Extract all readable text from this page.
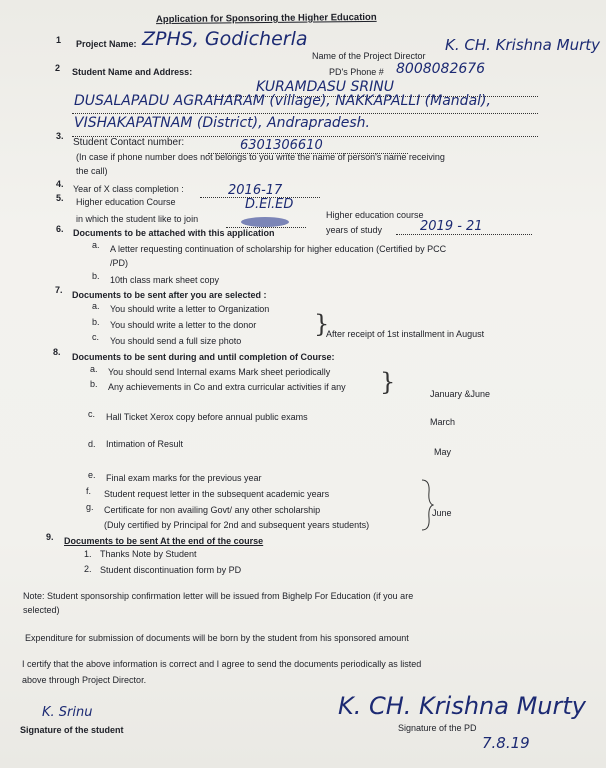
Application for Sponsoring the Higher Education
1 Project Name: ZPHS, Godicherla
Name of the Project Director
K. CH. Krishna Murty
PD's Phone # 8008082676
2 Student Name and Address:
KURAMDASU SRINU
DUSALAPADU AGRAHARAM (village), NAKKAPALLI (Mandal),
VISHAKAPATNAM (District), Andrapradesh.
3.
Student Contact number:	6301306610
(In case if phone number does not belongs to you write the name of person's name receiving
the call)
4. Year of X class completion :	2016-17
5. Higher education Course
in which the student like to join
D.El.ED
Higher education course
years of study	2019 - 21
6. Documents to be attached with this application
a. A letter requesting continuation of scholarship for higher education (Certified by PCC
/PD)
b. 10th class mark sheet copy
7. Documents to be sent after you are selected :
a. You should write a letter to Organization
b. You should write a letter to the donor
c. You should send a full size photo
}
After receipt of 1st installment in August
8. Documents to be sent during and until completion of Course:
a. You should send Internal exams Mark sheet periodically
b. Any achievements in Co and extra curricular activities if any }	January &June
c. Hall Ticket Xerox copy before annual public exams	March
d. Intimation of Result
May
e. Final exam marks for the previous year
f. Student request letter in the subsequent academic years
g. Certificate for non availing Govt/ any other scholarship
(Duly certified by Principal for 2nd and subsequent years students)
June
9. Documents to be sent At the end of the course
1. Thanks Note by Student
2. Student discontinuation form by PD
Note: Student sponsorship confirmation letter will be issued from Bighelp For Education (if you are
selected)
Expenditure for submission of documents will be born by the student from his sponsored amount
I certify that the above information is correct and I agree to send the documents periodically as listed
above through Project Director.
K. Srinu
Signature of the student
K. CH. Krishna Murty
Signature of the PD
7.8.19
